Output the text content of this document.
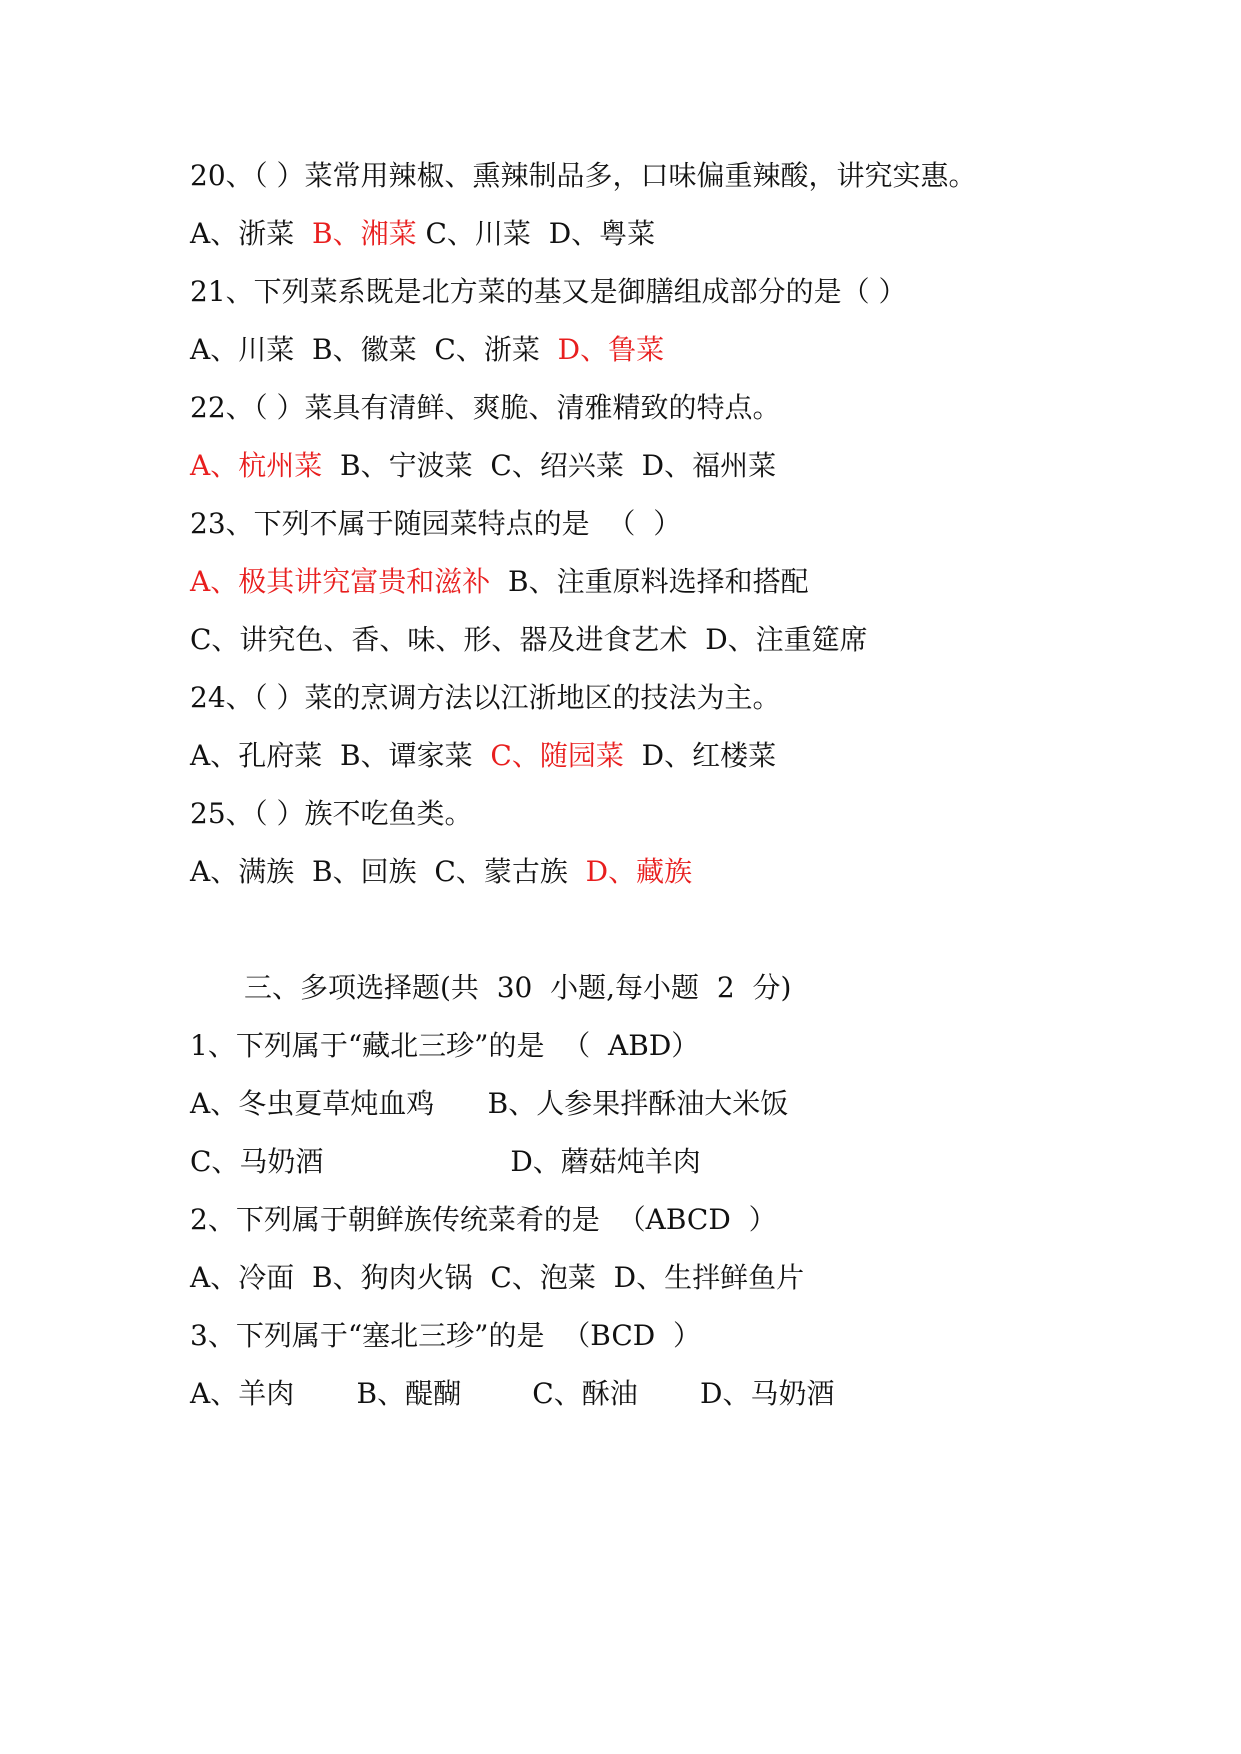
20、（ ）菜常用辣椒、熏辣制品多，口味偏重辣酸，讲究实惠。
A、浙菜  B、湘菜 C、川菜  D、粤菜
21、下列菜系既是北方菜的基又是御膳组成部分的是（ ）
A、川菜  B、徽菜  C、浙菜  D、鲁菜
22、（ ）菜具有清鲜、爽脆、清雅精致的特点。
A、杭州菜  B、宁波菜  C、绍兴菜  D、福州菜
23、下列不属于随园菜特点的是  （  ）
A、极其讲究富贵和滋补  B、注重原料选择和搭配
C、讲究色、香、味、形、器及进食艺术  D、注重筵席
24、（ ）菜的烹调方法以江浙地区的技法为主。
A、孔府菜  B、谭家菜  C、随园菜  D、红楼菜
25、（ ）族不吃鱼类。
A、满族  B、回族  C、蒙古族  D、藏族
三、多项选择题(共  30  小题,每小题  2  分)
1、下列属于“藏北三珍”的是  （  ABD）
A、冬虫夏草炖血鸡      B、人参果拌酥油大米饭
C、马奶酒                     D、蘑菇炖羊肉
2、下列属于朝鲜族传统菜肴的是  （ABCD  ）
A、冷面  B、狗肉火锅  C、泡菜  D、生拌鲜鱼片
3、下列属于“塞北三珍”的是  （BCD  ）
A、羊肉       B、醍醐        C、酥油       D、马奶酒
